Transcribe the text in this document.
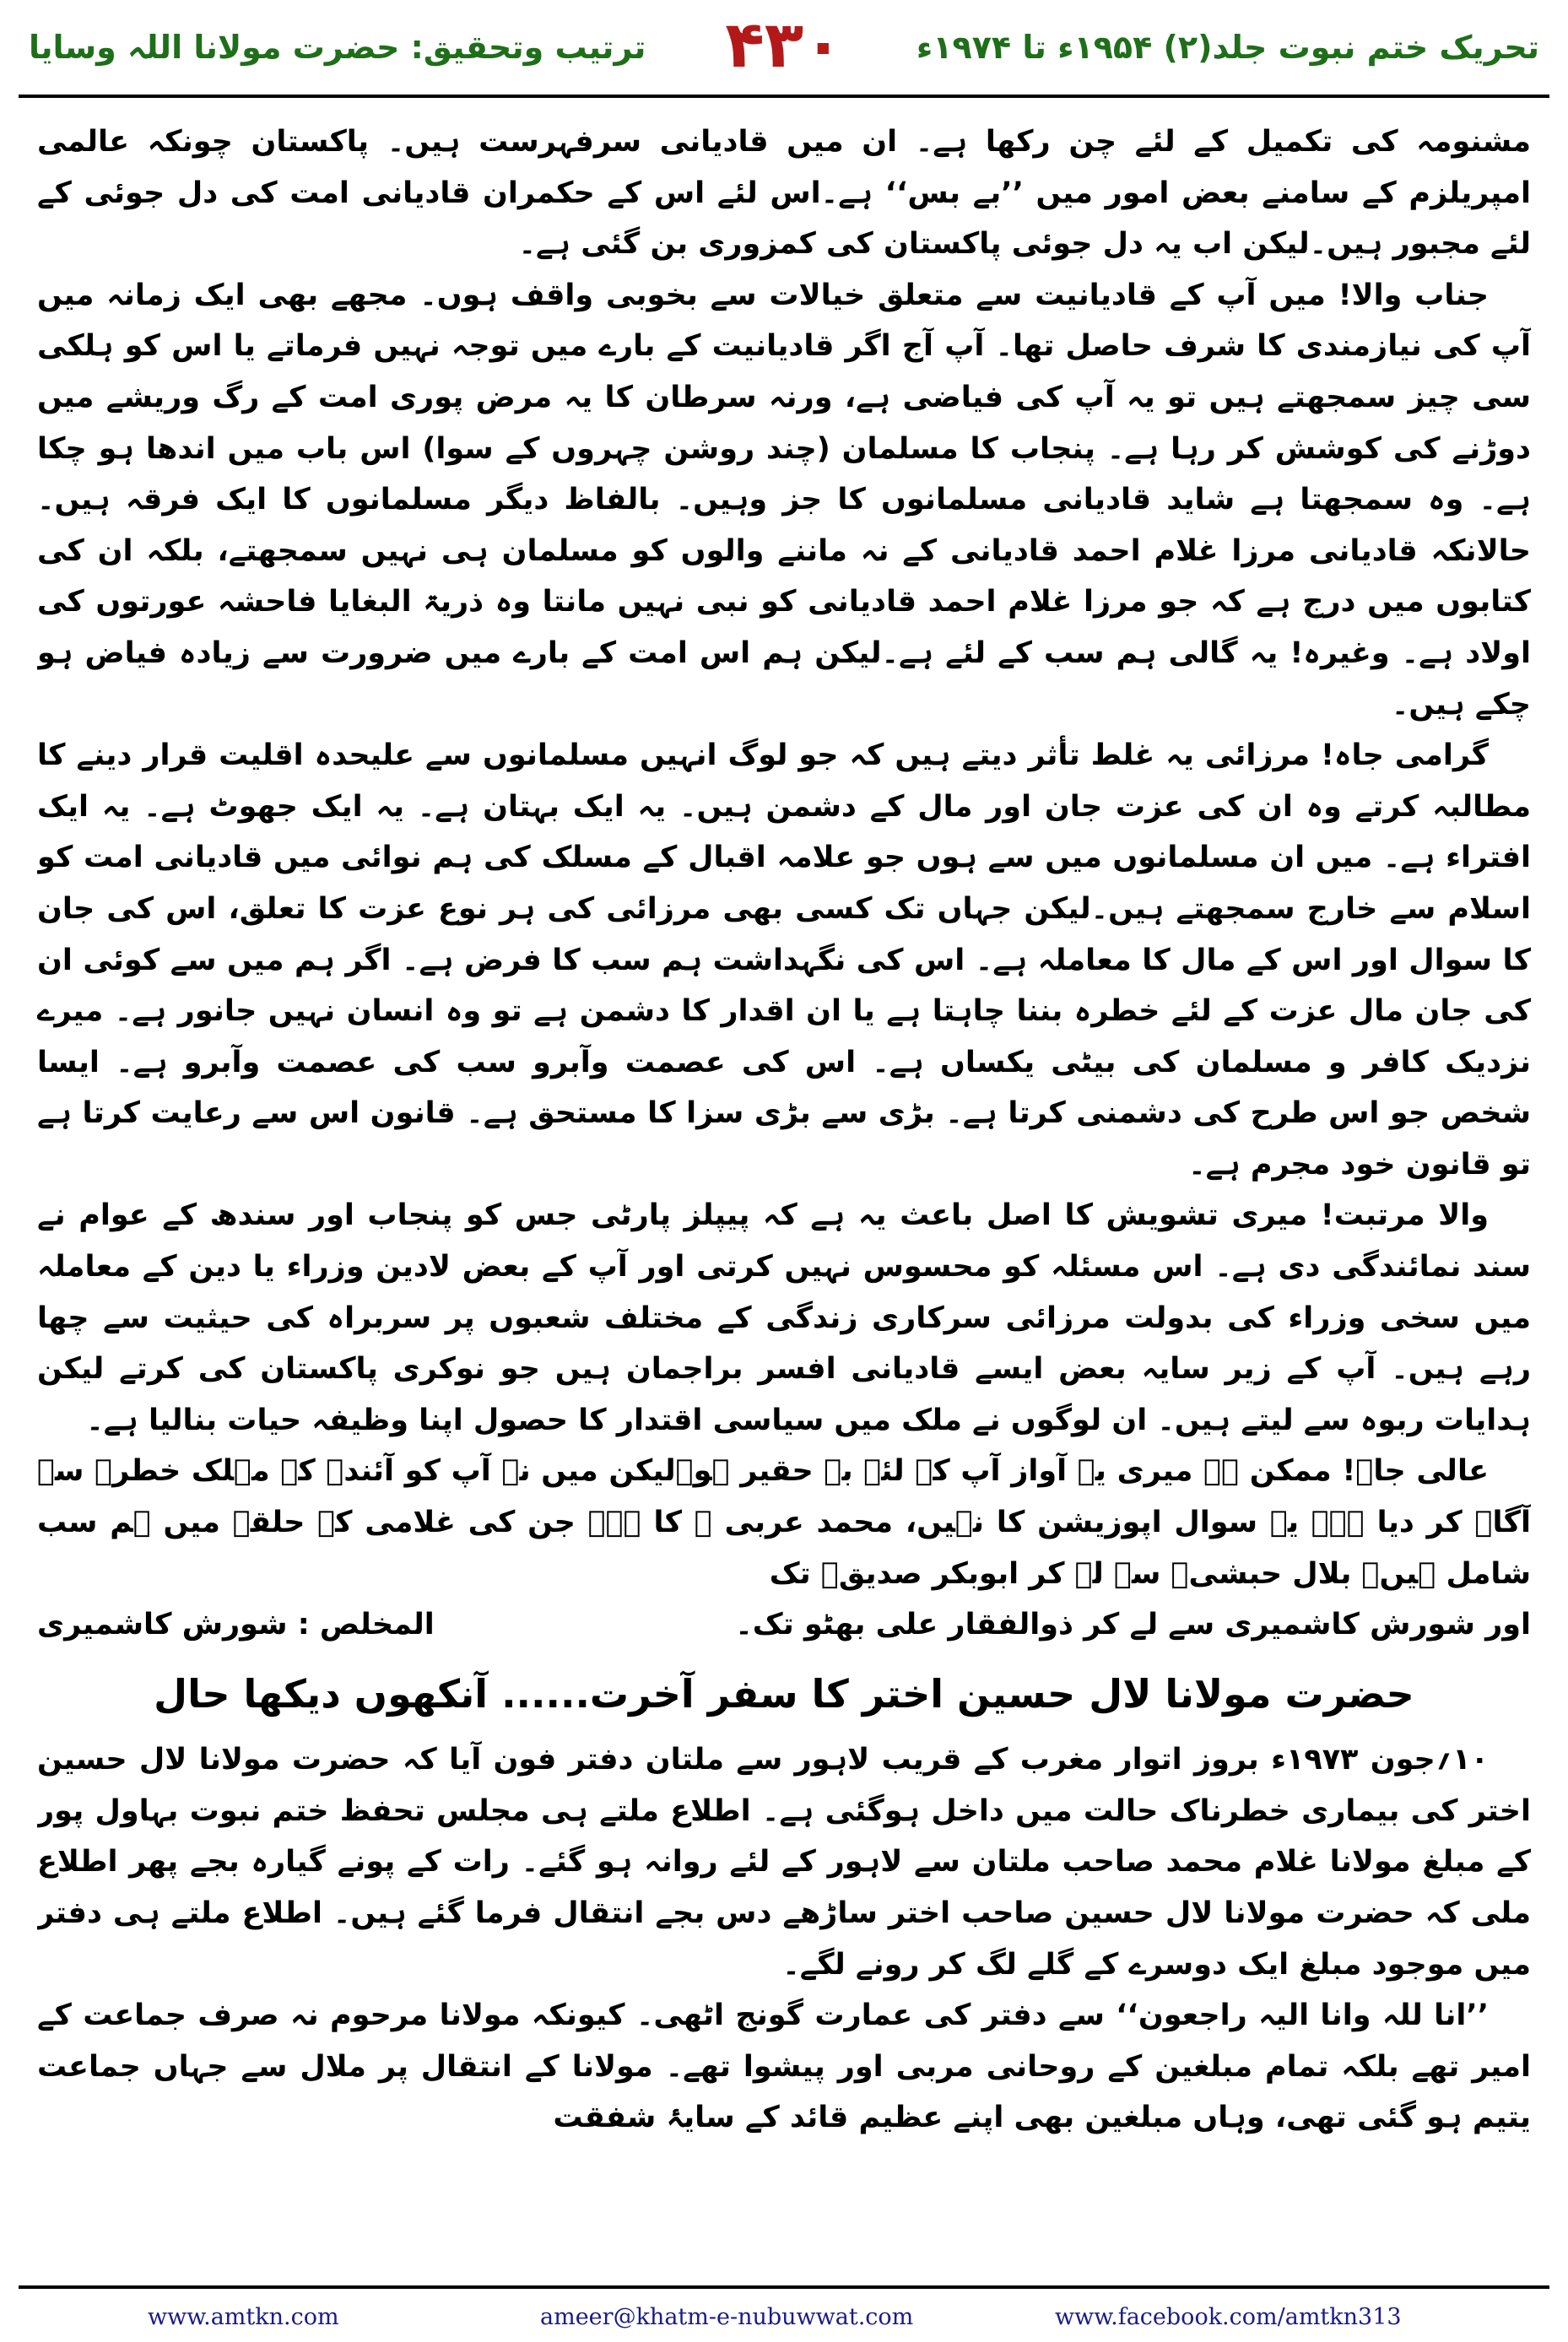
تحریک ختم نبوت جلد(۲) ۱۹۵۴ء تا ۱۹۷۴ء
۴۳۰
ترتیب وتحقیق: حضرت مولانا اللہ وسایا

مشنومہ کی تکمیل کے لئے چن رکھا ہے۔ ان میں قادیانی سرفہرست ہیں۔ پاکستان چونکہ عالمی امپریلزم کے سامنے بعض امور میں ’’بے بس‘‘ ہے۔اس لئے اس کے حکمران قادیانی امت کی دل جوئی کے لئے مجبور ہیں۔لیکن اب یہ دل جوئی پاکستان کی کمزوری بن گئی ہے۔

جناب والا! میں آپ کے قادیانیت سے متعلق خیالات سے بخوبی واقف ہوں۔ مجھے بھی ایک زمانہ میں آپ کی نیازمندی کا شرف حاصل تھا۔ آپ آج اگر قادیانیت کے بارے میں توجہ نہیں فرماتے یا اس کو ہلکی سی چیز سمجھتے ہیں تو یہ آپ کی فیاضی ہے، ورنہ سرطان کا یہ مرض پوری امت کے رگ وریشے میں دوڑنے کی کوشش کر رہا ہے۔ پنجاب کا مسلمان (چند روشن چہروں کے سوا) اس باب میں اندھا ہو چکا ہے۔ وہ سمجھتا ہے شاید قادیانی مسلمانوں کا جز وہیں۔ بالفاظ دیگر مسلمانوں کا ایک فرقہ ہیں۔ حالانکہ قادیانی مرزا غلام احمد قادیانی کے نہ ماننے والوں کو مسلمان ہی نہیں سمجھتے، بلکہ ان کی کتابوں میں درج ہے کہ جو مرزا غلام احمد قادیانی کو نبی نہیں مانتا وہ ذریۃ البغایا فاحشہ عورتوں کی اولاد ہے۔ وغیرہ! یہ گالی ہم سب کے لئے ہے۔لیکن ہم اس امت کے بارے میں ضرورت سے زیادہ فیاض ہو چکے ہیں۔

گرامی جاہ! مرزائی یہ غلط تأثر دیتے ہیں کہ جو لوگ انہیں مسلمانوں سے علیحدہ اقلیت قرار دینے کا مطالبہ کرتے وہ ان کی عزت جان اور مال کے دشمن ہیں۔ یہ ایک بہتان ہے۔ یہ ایک جھوٹ ہے۔ یہ ایک افتراء ہے۔ میں ان مسلمانوں میں سے ہوں جو علامہ اقبال کے مسلک کی ہم نوائی میں قادیانی امت کو اسلام سے خارج سمجھتے ہیں۔لیکن جہاں تک کسی بھی مرزائی کی ہر نوع عزت کا تعلق، اس کی جان کا سوال اور اس کے مال کا معاملہ ہے۔ اس کی نگہداشت ہم سب کا فرض ہے۔ اگر ہم میں سے کوئی ان کی جان مال عزت کے لئے خطرہ بننا چاہتا ہے یا ان اقدار کا دشمن ہے تو وہ انسان نہیں جانور ہے۔ میرے نزدیک کافر و مسلمان کی بیٹی یکساں ہے۔ اس کی عصمت وآبرو سب کی عصمت وآبرو ہے۔ ایسا شخص جو اس طرح کی دشمنی کرتا ہے۔ بڑی سے بڑی سزا کا مستحق ہے۔ قانون اس سے رعایت کرتا ہے تو قانون خود مجرم ہے۔

والا مرتبت! میری تشویش کا اصل باعث یہ ہے کہ پیپلز پارٹی جس کو پنجاب اور سندھ کے عوام نے سند نمائندگی دی ہے۔ اس مسئلہ کو محسوس نہیں کرتی اور آپ کے بعض لادین وزراء یا دین کے معاملہ میں سخی وزراء کی بدولت مرزائی سرکاری زندگی کے مختلف شعبوں پر سربراہ کی حیثیت سے چھا رہے ہیں۔ آپ کے زیر سایہ بعض ایسے قادیانی افسر براجمان ہیں جو نوکری پاکستان کی کرتے لیکن ہدایات ربوہ سے لیتے ہیں۔ ان لوگوں نے ملک میں سیاسی اقتدار کا حصول اپنا وظیفہ حیات بنالیا ہے۔

عالی جاہ! ممکن ہے میری یہ آواز آپ کے لئے بے حقیر ہو۔لیکن میں نے آپ کو آئندہ کے مہلک خطرے سے آگاہ کر دیا ہے۔ یہ سوال اپوزیشن کا نہیں، محمد عربی ﷺ کا ہے۔ جن کی غلامی کے حلقے میں ہم سب شامل ہیں۔ بلال حبشیؓ سے لے کر ابوبکر صدیقؓ تک

اور شورش کاشمیری سے لے کر ذوالفقار علی بھٹو تک۔
المخلص : شورش کاشمیری
حضرت مولانا لال حسین اختر کا سفر آخرت...... آنکھوں دیکھا حال

۱۰؍جون ۱۹۷۳ء بروز اتوار مغرب کے قریب لاہور سے ملتان دفتر فون آیا کہ حضرت مولانا لال حسین اختر کی بیماری خطرناک حالت میں داخل ہوگئی ہے۔ اطلاع ملتے ہی مجلس تحفظ ختم نبوت بہاول پور کے مبلغ مولانا غلام محمد صاحب ملتان سے لاہور کے لئے روانہ ہو گئے۔ رات کے پونے گیارہ بجے پھر اطلاع ملی کہ حضرت مولانا لال حسین صاحب اختر ساڑھے دس بجے انتقال فرما گئے ہیں۔ اطلاع ملتے ہی دفتر میں موجود مبلغ ایک دوسرے کے گلے لگ کر رونے لگے۔

’’انا للہ وانا الیہ راجعون‘‘ سے دفتر کی عمارت گونج اٹھی۔ کیونکہ مولانا مرحوم نہ صرف جماعت کے امیر تھے بلکہ تمام مبلغین کے روحانی مربی اور پیشوا تھے۔ مولانا کے انتقال پر ملال سے جہاں جماعت یتیم ہو گئی تھی، وہاں مبلغین بھی اپنے عظیم قائد کے سایۂ شفقت

www.amtkn.com	ameer@khatm-e-nubuwwat.com	www.facebook.com/amtkn313
